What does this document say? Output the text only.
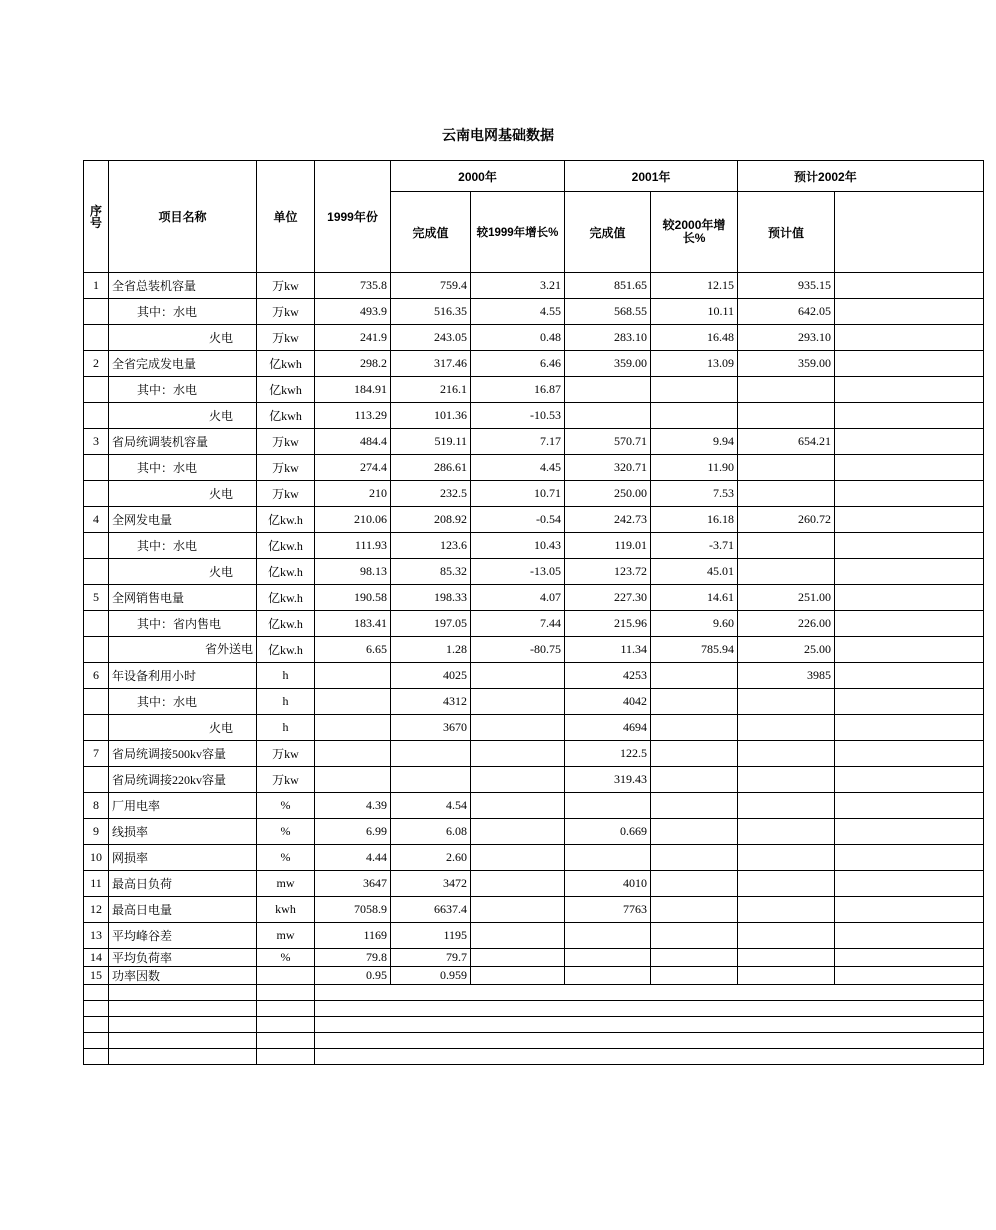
云南电网基础数据
序号	项目名称	单位	1999年份	2000年		2001年		预计2002年	
				完成值	较1999年增长%	完成值	较2000年增长%	预计值	
1	全省总装机容量	万kw	735.8	759.4	3.21	851.65	12.15	935.15	
	其中：水电	万kw	493.9	516.35	4.55	568.55	10.11	642.05	
	火电	万kw	241.9	243.05	0.48	283.10	16.48	293.10	
2	全省完成发电量	亿kwh	298.2	317.46	6.46	359.00	13.09	359.00	
	其中：水电	亿kwh	184.91	216.1	16.87				
	火电	亿kwh	113.29	101.36	-10.53				
3	省局统调装机容量	万kw	484.4	519.11	7.17	570.71	9.94	654.21	
	其中：水电	万kw	274.4	286.61	4.45	320.71	11.90		
	火电	万kw	210	232.5	10.71	250.00	7.53		
4	全网发电量	亿kw.h	210.06	208.92	-0.54	242.73	16.18	260.72	
	其中：水电	亿kw.h	111.93	123.6	10.43	119.01	-3.71		
	火电	亿kw.h	98.13	85.32	-13.05	123.72	45.01		
5	全网销售电量	亿kw.h	190.58	198.33	4.07	227.30	14.61	251.00	
	其中：省内售电	亿kw.h	183.41	197.05	7.44	215.96	9.60	226.00	
	省外送电	亿kw.h	6.65	1.28	-80.75	11.34	785.94	25.00	
6	年设备利用小时	h		4025		4253		3985	
	其中：水电	h		4312		4042			
	火电	h		3670		4694			
7	省局统调接500kv容量	万kw				122.5			
	省局统调接220kv容量	万kw				319.43			
8	厂用电率	%	4.39	4.54					
9	线损率	%	6.99	6.08		0.669			
10	网损率	%	4.44	2.60					
11	最高日负荷	mw	3647	3472		4010			
12	最高日电量	kwh	7058.9	6637.4		7763			
13	平均峰谷差	mw	1169	1195					
14	平均负荷率	%	79.8	79.7					
15	功率因数		0.95	0.959					
